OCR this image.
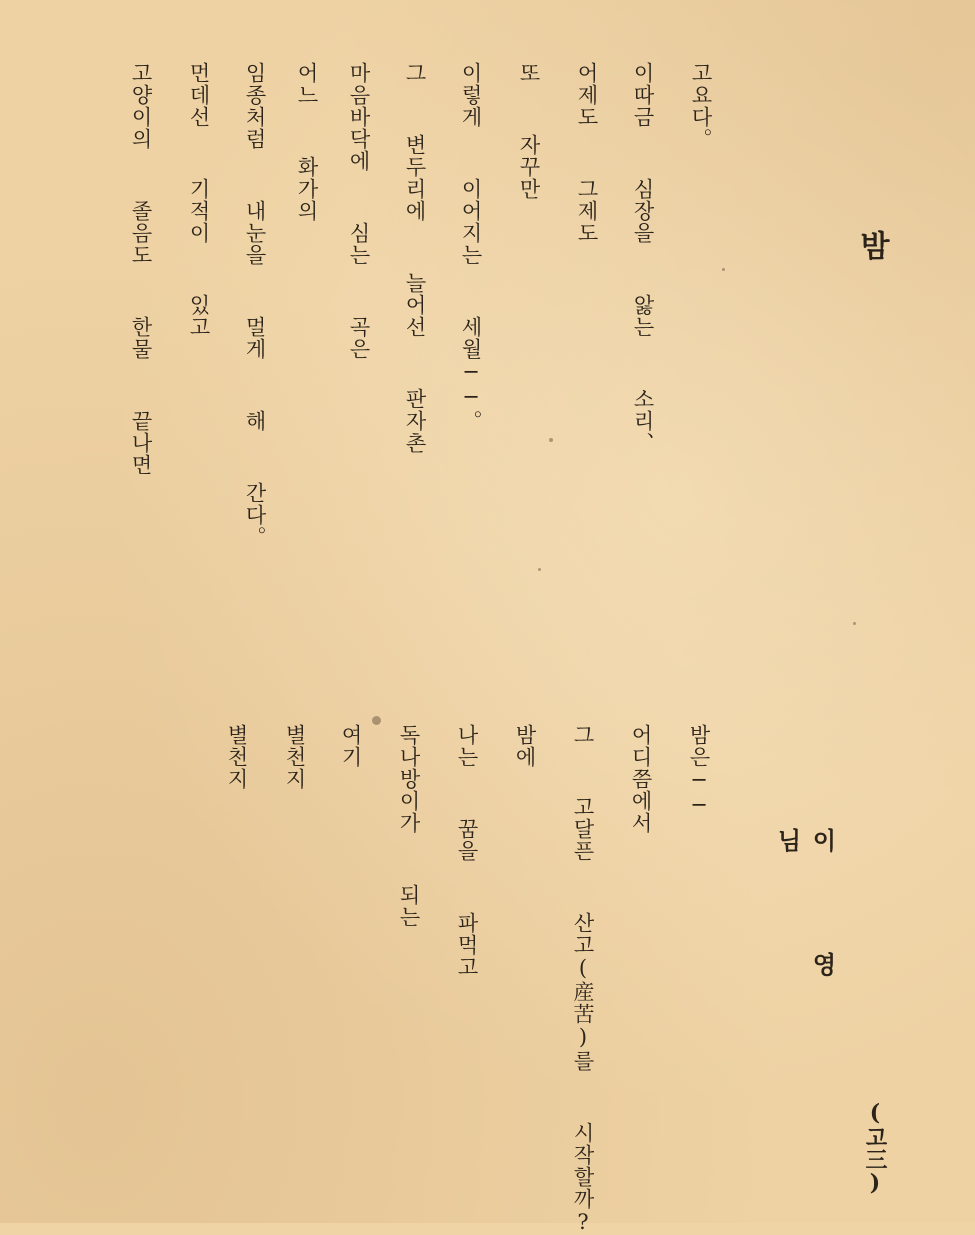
밤
이영님
(고三)
고요다。
이따금  심장을  앓는  소리、
어제도  그제도
또  자꾸만
이렇게  이어지는  세월──。
그  변두리에  늘어선  판자촌
마음바닥에  심는  곡은
어느  화가의
임종처럼  내눈을  멀게  해  간다。
먼데선  기적이  있고
고양이의  졸음도  한물  끝나면
밤은──
어디쯤에서
그  고달픈  산고(産苦)를  시작할까?
밤에
나는  꿈을  파먹고
독나방이가  되는
여기
별천지
별천지
